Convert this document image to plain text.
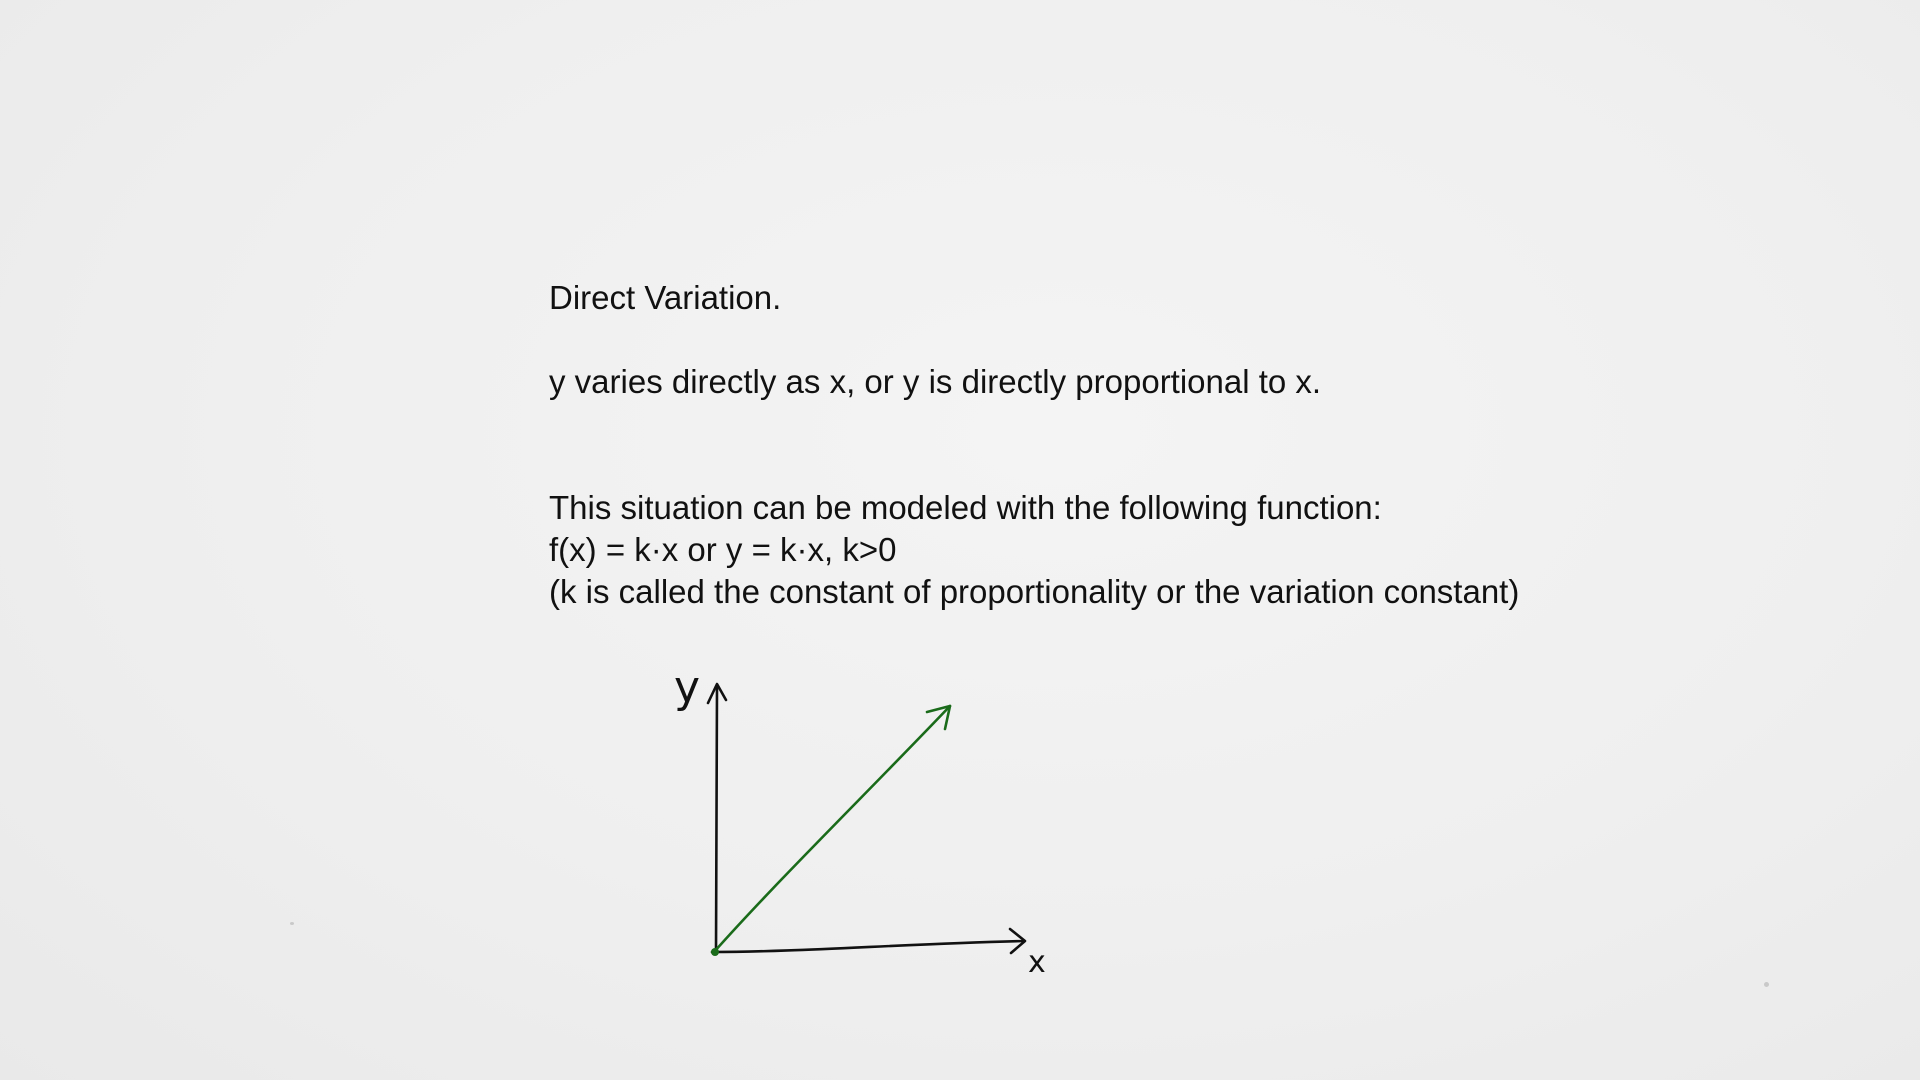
Direct Variation.
y varies directly as x, or y is directly proportional to x.
This situation can be modeled with the following function:
f(x) = k·x or y = k·x, k>0
(k is called the constant of proportionality or the variation constant)
y
x
